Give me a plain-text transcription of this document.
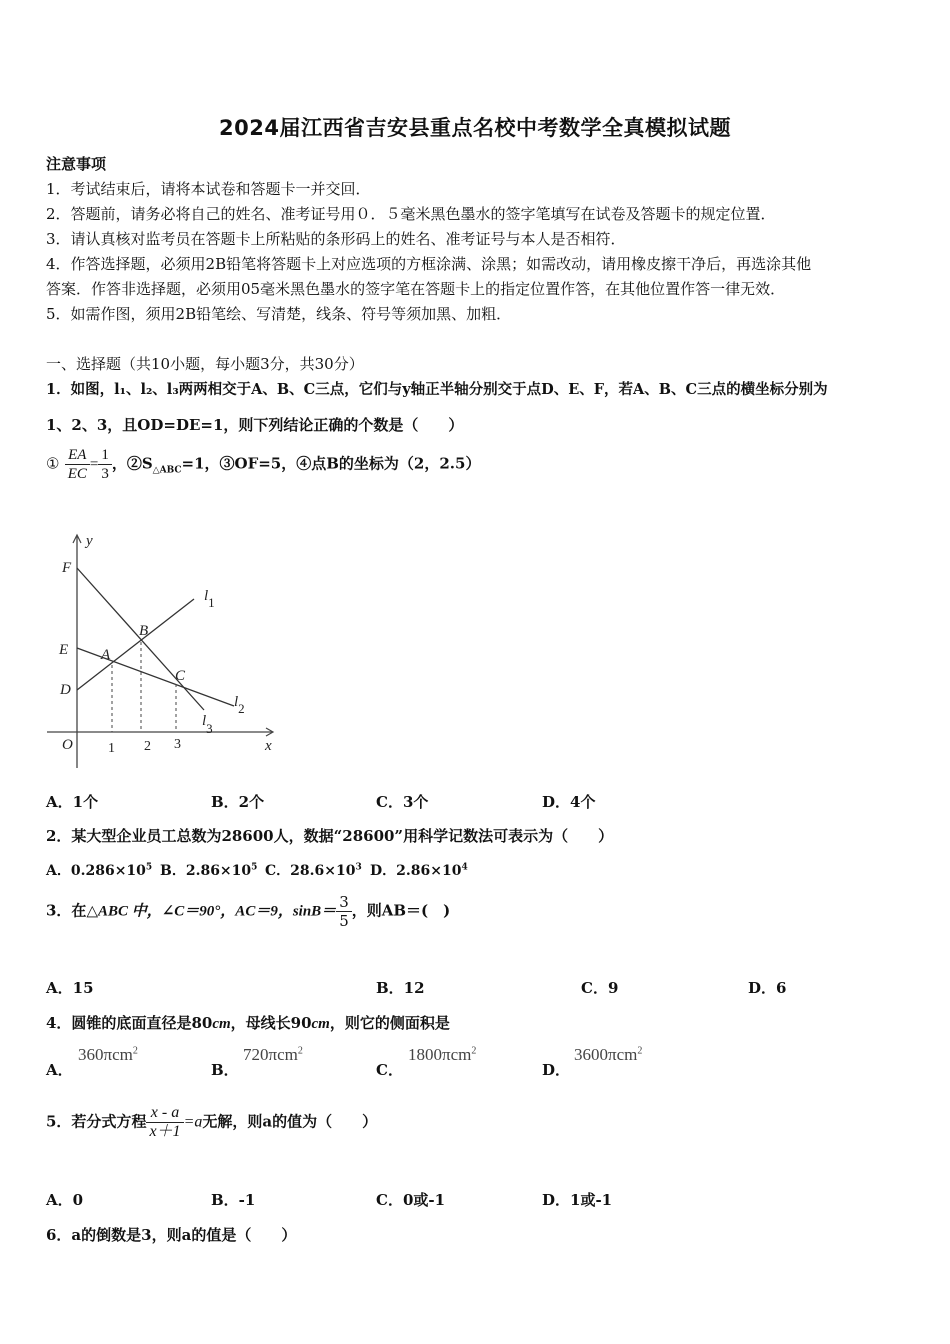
2024届江西省吉安县重点名校中考数学全真模拟试题
注意事项
1．考试结束后，请将本试卷和答题卡一并交回．
2．答题前，请务必将自己的姓名、准考证号用０．５毫米黑色墨水的签字笔填写在试卷及答题卡的规定位置．
3．请认真核对监考员在答题卡上所粘贴的条形码上的姓名、准考证号与本人是否相符．
4．作答选择题，必须用2B铅笔将答题卡上对应选项的方框涂满、涂黑；如需改动，请用橡皮擦干净后，再选涂其他
答案．作答非选择题，必须用05毫米黑色墨水的签字笔在答题卡上的指定位置作答，在其他位置作答一律无效．
5．如需作图，须用2B铅笔绘、写清楚，线条、符号等须加黑、加粗．
一、选择题（共10小题，每小题3分，共30分）
1．如图，l₁、l₂、l₃两两相交于A、B、C三点，它们与y轴正半轴分别交于点D、E、F，若A、B、C三点的横坐标分别为
1、2、3，且OD=DE=1，则下列结论正确的个数是（　　）
① $\frac{EA}{EC} = \frac{1}{3}$ ，$②S_{\triangle ABC}=1$，③OF=5，④点B的坐标为（2，2.5）
y
x
O
F
E
D
A
B
C
l1
l2
l3
1 2 3
A．1个	B．2个	C．3个	D．4个
2．某大型企业员工总数为28600人，数据“28600”用科学记数法可表示为（　　）
A．$0.286\times 10^5$ B．$2.86\times 10^5$ C．$28.6\times 10^3$ D．$2.86\times 10^4$
3．在△ABC 中，∠C＝90°，AC＝9，$\sin B= \frac{3}{5}$ ，则AB＝(　)
A．15	B．12	C．9	D．6
4．圆锥的底面直径是80cm，母线长90cm，则它的侧面积是
A．
360πcm$^2$
B．
720πcm$^2$
C．
1800πcm$^2$
D．
3600πcm$^2$
5．若分式方程 $\frac{x - a}{x+1} =a$无解，则a的值为（　　）
A．0	B．-1	C．0或-1	D．1或-1
6．a的倒数是3，则a的值是（　　）
